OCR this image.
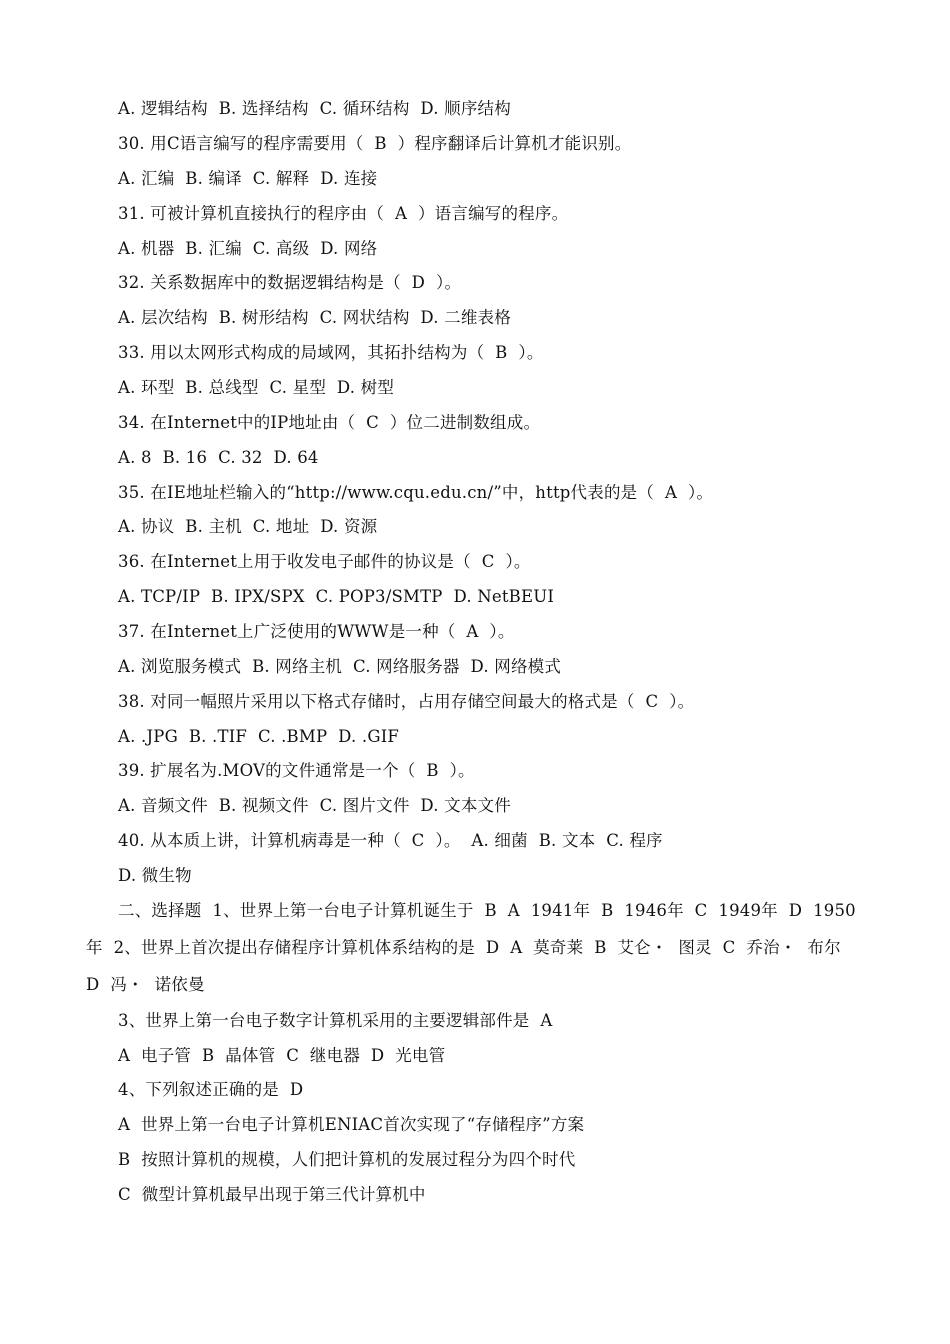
A. 逻辑结构  B. 选择结构  C. 循环结构  D. 顺序结构
30. 用C语言编写的程序需要用（  B  ）程序翻译后计算机才能识别。
A. 汇编  B. 编译  C. 解释  D. 连接
31. 可被计算机直接执行的程序由（  A  ）语言编写的程序。
A. 机器  B. 汇编  C. 高级  D. 网络
32. 关系数据库中的数据逻辑结构是（  D  ）。
A. 层次结构  B. 树形结构  C. 网状结构  D. 二维表格
33. 用以太网形式构成的局域网，其拓扑结构为（  B  ）。
A. 环型  B. 总线型  C. 星型  D. 树型
34. 在Internet中的IP地址由（  C  ）位二进制数组成。
A. 8  B. 16  C. 32  D. 64
35. 在IE地址栏输入的“http://www.cqu.edu.cn/”中，http代表的是（  A  ）。
A. 协议  B. 主机  C. 地址  D. 资源
36. 在Internet上用于收发电子邮件的协议是（  C  ）。
A. TCP/IP  B. IPX/SPX  C. POP3/SMTP  D. NetBEUI
37. 在Internet上广泛使用的WWW是一种（  A  ）。
A. 浏览服务模式  B. 网络主机  C. 网络服务器  D. 网络模式
38. 对同一幅照片采用以下格式存储时，占用存储空间最大的格式是（  C  ）。
A. .JPG  B. .TIF  C. .BMP  D. .GIF
39. 扩展名为.MOV的文件通常是一个（  B  ）。
A. 音频文件  B. 视频文件  C. 图片文件  D. 文本文件
40. 从本质上讲，计算机病毒是一种（  C  ）。  A. 细菌  B. 文本  C. 程序
D. 微生物
二、选择题  1、世界上第一台电子计算机诞生于  B  A  1941年  B  1946年  C  1949年  D  1950年  2、世界上首次提出存储程序计算机体系结构的是  D  A  莫奇莱  B  艾仑・  图灵  C  乔治・  布尔  D  冯・  诺依曼
3、世界上第一台电子数字计算机采用的主要逻辑部件是  A
A  电子管  B  晶体管  C  继电器  D  光电管
4、下列叙述正确的是  D
A  世界上第一台电子计算机ENIAC首次实现了“存储程序”方案
B  按照计算机的规模，人们把计算机的发展过程分为四个时代
C  微型计算机最早出现于第三代计算机中
